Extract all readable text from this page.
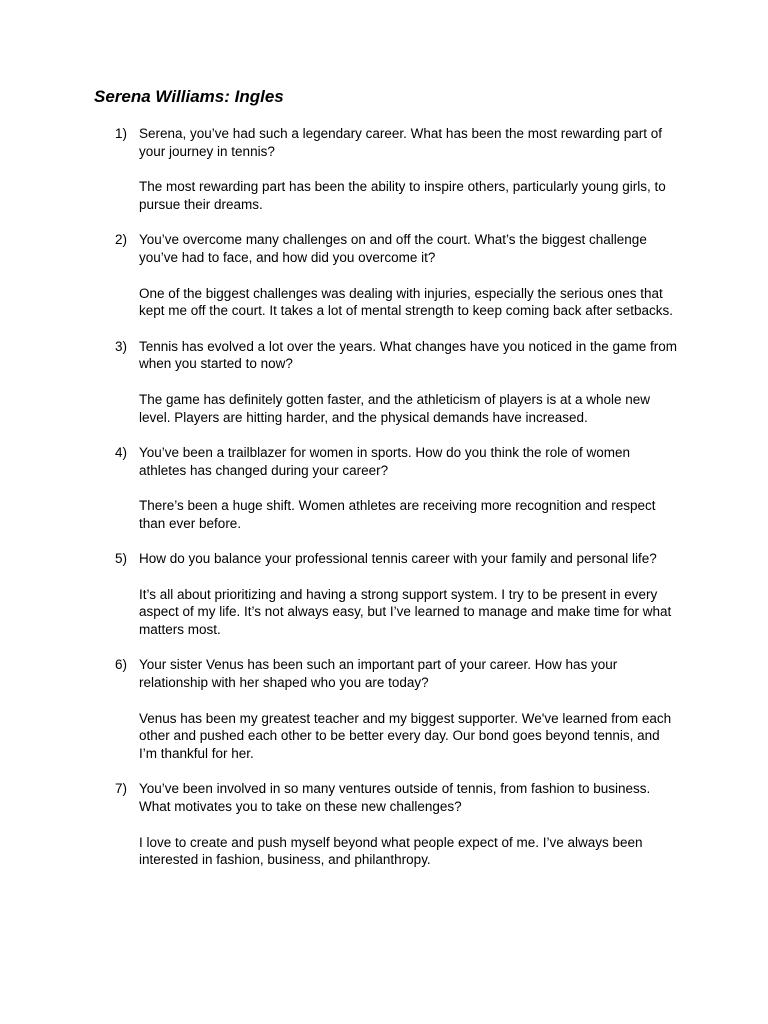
Serena Williams: Ingles
1) Serena, you’ve had such a legendary career. What has been the most rewarding part of your journey in tennis?

The most rewarding part has been the ability to inspire others, particularly young girls, to pursue their dreams.

2) You’ve overcome many challenges on and off the court. What’s the biggest challenge you’ve had to face, and how did you overcome it?

One of the biggest challenges was dealing with injuries, especially the serious ones that kept me off the court. It takes a lot of mental strength to keep coming back after setbacks.

3) Tennis has evolved a lot over the years. What changes have you noticed in the game from when you started to now?

The game has definitely gotten faster, and the athleticism of players is at a whole new level. Players are hitting harder, and the physical demands have increased.

4) You’ve been a trailblazer for women in sports. How do you think the role of women athletes has changed during your career?

There’s been a huge shift. Women athletes are receiving more recognition and respect than ever before.

5) How do you balance your professional tennis career with your family and personal life?

It’s all about prioritizing and having a strong support system. I try to be present in every aspect of my life. It’s not always easy, but I’ve learned to manage and make time for what matters most.

6) Your sister Venus has been such an important part of your career. How has your relationship with her shaped who you are today?

Venus has been my greatest teacher and my biggest supporter. We've learned from each other and pushed each other to be better every day. Our bond goes beyond tennis, and I’m thankful for her.

7) You’ve been involved in so many ventures outside of tennis, from fashion to business. What motivates you to take on these new challenges?

I love to create and push myself beyond what people expect of me. I’ve always been interested in fashion, business, and philanthropy.
